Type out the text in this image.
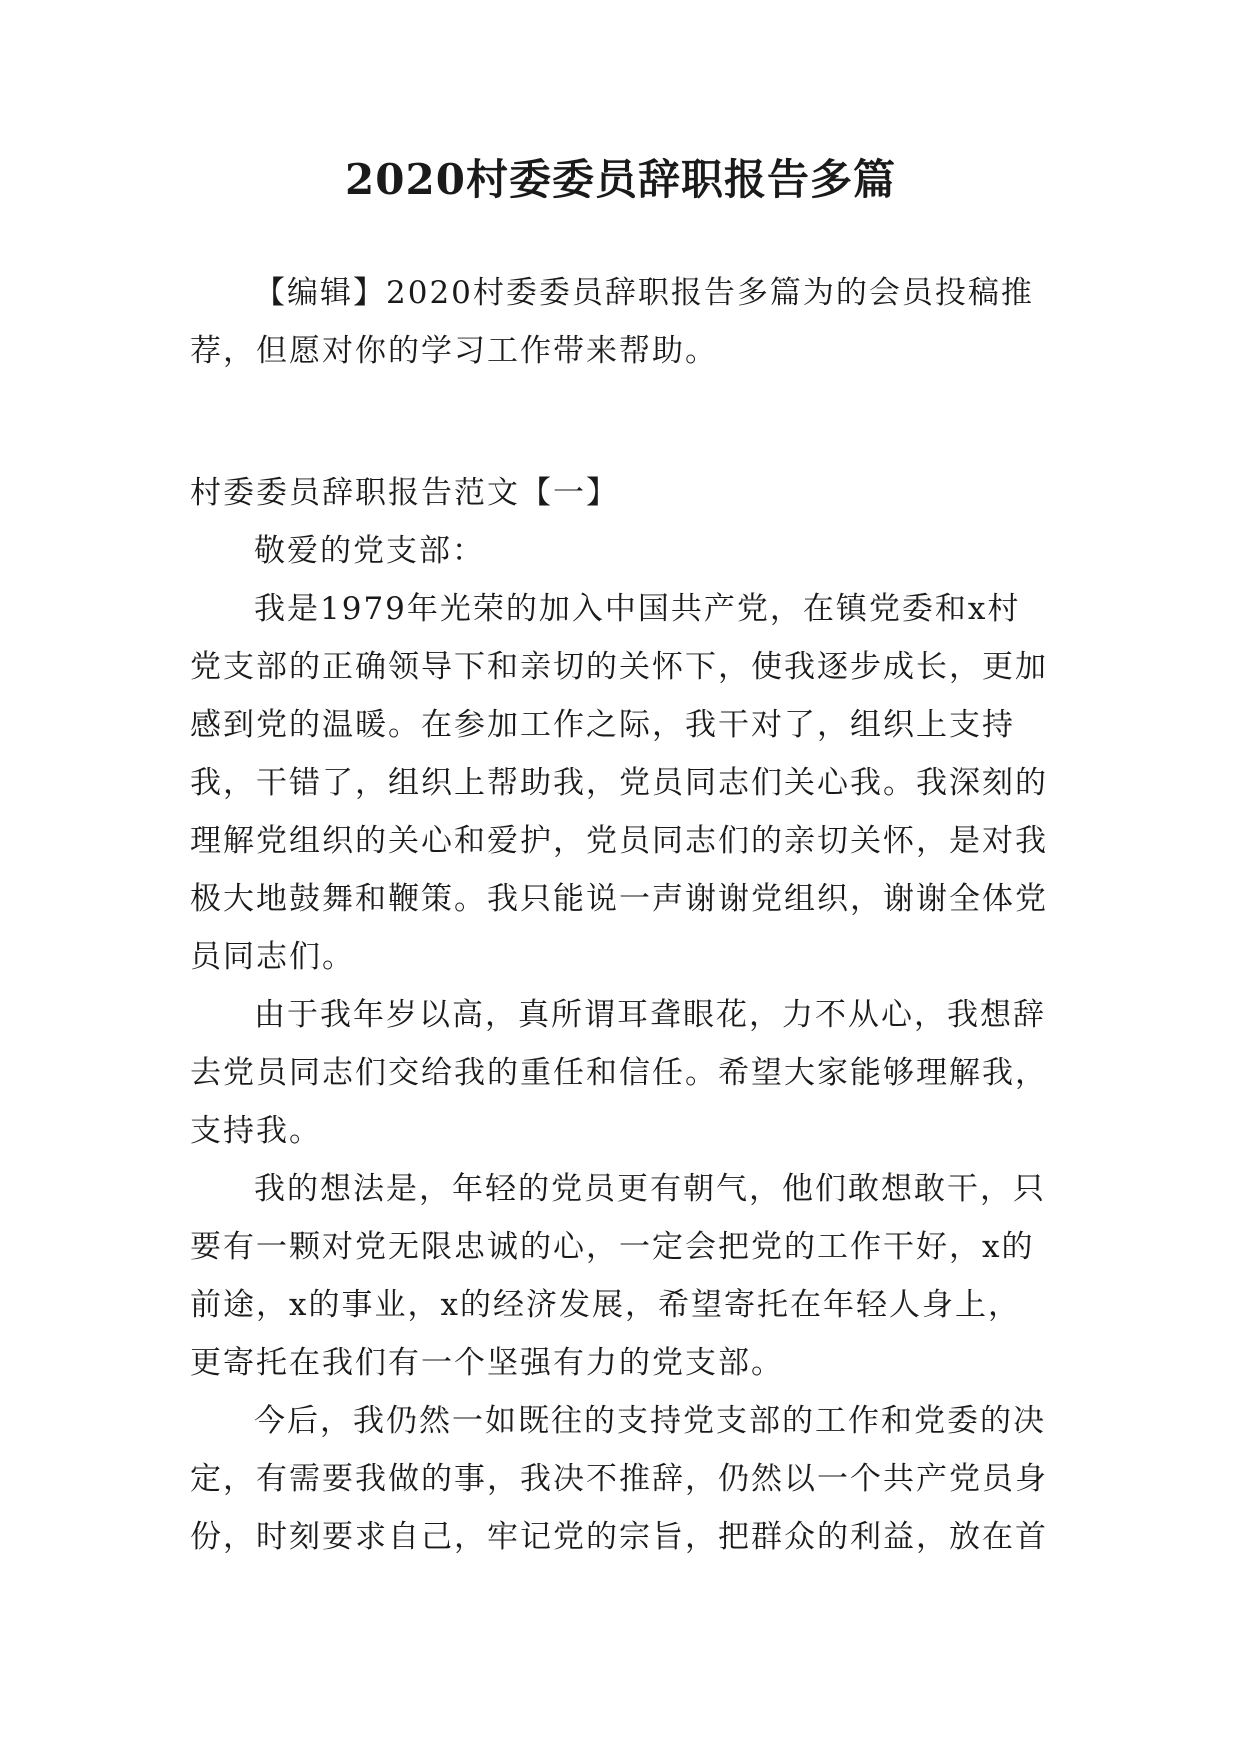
2020村委委员辞职报告多篇
【编辑】2020村委委员辞职报告多篇为的会员投稿推荐，但愿对你的学习工作带来帮助。

村委委员辞职报告范文【一】

敬爱的党支部：

我是1979年光荣的加入中国共产党，在镇党委和x村党支部的正确领导下和亲切的关怀下，使我逐步成长，更加感到党的温暖。在参加工作之际，我干对了，组织上支持我，干错了，组织上帮助我，党员同志们关心我。我深刻的理解党组织的关心和爱护，党员同志们的亲切关怀，是对我极大地鼓舞和鞭策。我只能说一声谢谢党组织，谢谢全体党员同志们。

由于我年岁以高，真所谓耳聋眼花，力不从心，我想辞去党员同志们交给我的重任和信任。希望大家能够理解我，支持我。

我的想法是，年轻的党员更有朝气，他们敢想敢干，只要有一颗对党无限忠诚的心，一定会把党的工作干好，x的前途，x的事业，x的经济发展，希望寄托在年轻人身上，更寄托在我们有一个坚强有力的党支部。

今后，我仍然一如既往的支持党支部的工作和党委的决定，有需要我做的事，我决不推辞，仍然以一个共产党员身份，时刻要求自己，牢记党的宗旨，把群众的利益，放在首
